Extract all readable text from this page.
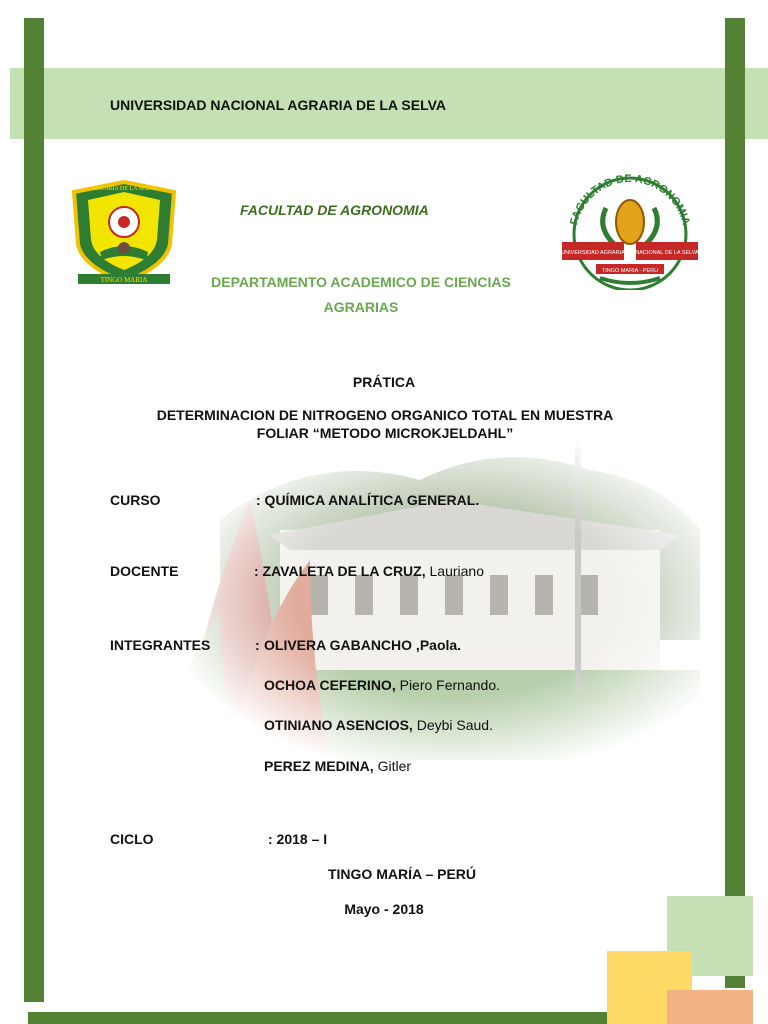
UNIVERSIDAD NACIONAL AGRARIA DE LA SELVA
TINGO MARIA
AGRARIA DE LA SELVA
FACULTAD DE AGRONOMIA
UNIVERSIDAD AGRARIA NACIONAL DE LA SELVA
TINGO MARIA - PERU
FACULTAD DE AGRONOMIA
DEPARTAMENTO ACADEMICO DE CIENCIAS
AGRARIAS
PRÁTICA
DETERMINACION DE NITROGENO ORGANICO TOTAL EN MUESTRA
FOLIAR “METODO MICROKJELDAHL”
CURSO	: QUÍMICA ANALÍTICA GENERAL.
DOCENTE	: ZAVALETA DE LA CRUZ, Lauriano
INTEGRANTES	: OLIVERA GABANCHO ,Paola.
OCHOA CEFERINO, Piero Fernando.
OTINIANO ASENCIOS, Deybi Saud.
PEREZ MEDINA, Gitler
CICLO	: 2018 – I
TINGO MARÍA – PERÚ
Mayo - 2018
